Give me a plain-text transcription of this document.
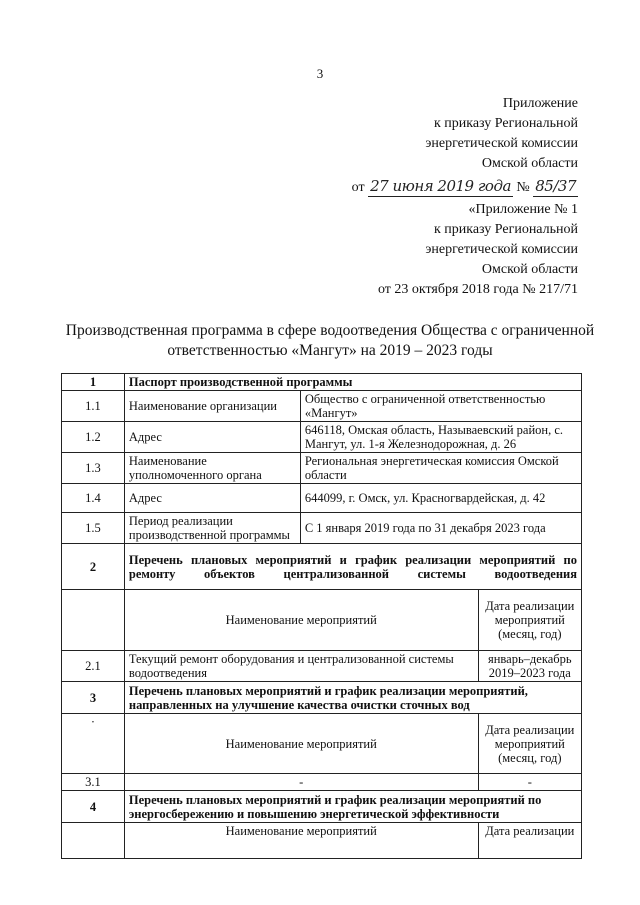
3
Приложение
к приказу Региональной
энергетической комиссии
Омской области
от 27 июня 2019 года № 85/37
«Приложение № 1
к приказу Региональной
энергетической комиссии
Омской области
от 23 октября 2018 года № 217/71
Производственная программа в сфере водоотведения Общества с ограниченной
ответственностью «Мангут» на 2019 – 2023 годы
1	Паспорт производственной программы		
1.1	Наименование организации	Общество с ограниченной ответственностью «Мангут»	
1.2	Адрес	646118, Омская область, Называевский район, с. Мангут, ул. 1-я Железнодорожная, д. 26	
1.3	Наименование уполномоченного органа	Региональная энергетическая комиссия Омской области	
1.4	Адрес	644099, г. Омск, ул. Красногвардейская, д. 42	
1.5	Период реализации производственной программы	С 1 января 2019 года по 31 декабря 2023 года	
2	Перечень плановых мероприятий и график реализации мероприятий по ремонту объектов централизованной системы водоотведения		
	Наименование мероприятий		Дата реализации мероприятий (месяц, год)
2.1	Текущий ремонт оборудования и централизованной системы водоотведения		январь–декабрь 2019–2023 года
3	Перечень плановых мероприятий и график реализации мероприятий, направленных на улучшение качества очистки сточных вод		
·	Наименование мероприятий		Дата реализации мероприятий (месяц, год)
3.1	-		-
4	Перечень плановых мероприятий и график реализации мероприятий по энергосбережению и повышению энергетической эффективности		
	Наименование мероприятий		Дата реализации
